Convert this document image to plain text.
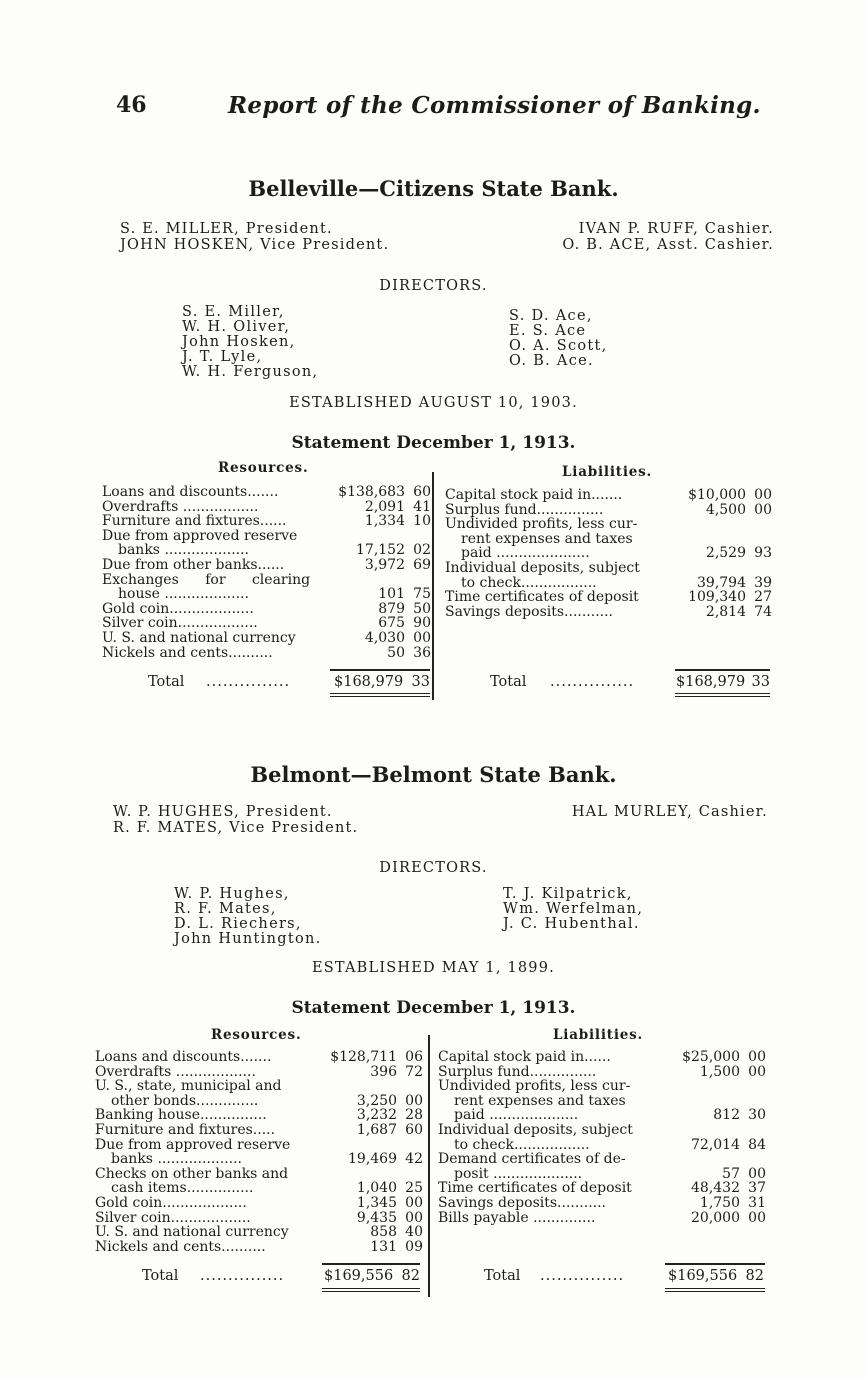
46	Report of the Commissioner of Banking.
Belleville—Citizens State Bank.
S. E. MILLER, President.
JOHN HOSKEN, Vice President.
IVAN P. RUFF, Cashier.
O. B. ACE, Asst. Cashier.
DIRECTORS.
S. E. Miller,
W. H. Oliver,
John Hosken,
J. T. Lyle,
W. H. Ferguson,
S. D. Ace,
E. S. Ace
O. A. Scott,
O. B. Ace.
ESTABLISHED AUGUST 10, 1903.
Statement December 1, 1913.
Resources.	Liabilities.
Loans and discounts.......	$138,683 60
Overdrafts .................	2,091 41
Furniture and fixtures......	1,334 10
Due from approved reserve
banks ...................	17,152 02
Due from other banks......	3,972 69
Exchanges for clearing
house ...................	101 75
Gold coin...................	879 50
Silver coin..................	675 90
U. S. and national currency	4,030 00
Nickels and cents..........	50 36
Capital stock paid in.......	$10,000 00
Surplus fund...............	4,500 00
Undivided profits, less cur-
rent expenses and taxes
paid .....................	2,529 93
Individual deposits, subject
to check.................	39,794 39
Time certificates of deposit	109,340 27
Savings deposits...........	2,814 74
Total ...............	$168,979 33	Total ...............	$168,979 33
Belmont—Belmont State Bank.
W. P. HUGHES, President.
R. F. MATES, Vice President.
HAL MURLEY, Cashier.
DIRECTORS.
W. P. Hughes,
R. F. Mates,
D. L. Riechers,
John Huntington.
T. J. Kilpatrick,
Wm. Werfelman,
J. C. Hubenthal.
ESTABLISHED MAY 1, 1899.
Statement December 1, 1913.
Resources.	Liabilities.
Loans and discounts.......	$128,711 06
Overdrafts ..................	396 72
U. S., state, municipal and
other bonds..............	3,250 00
Banking house...............	3,232 28
Furniture and fixtures.....	1,687 60
Due from approved reserve
banks ...................	19,469 42
Checks on other banks and
cash items...............	1,040 25
Gold coin...................	1,345 00
Silver coin..................	9,435 00
U. S. and national currency	858 40
Nickels and cents..........	131 09
Capital stock paid in......	$25,000 00
Surplus fund...............	1,500 00
Undivided profits, less cur-
rent expenses and taxes
paid ....................	812 30
Individual deposits, subject
to check.................	72,014 84
Demand certificates of de-
posit ....................	57 00
Time certificates of deposit	48,432 37
Savings deposits...........	1,750 31
Bills payable ..............	20,000 00
Total ...............	$169,556 82	Total ...............	$169,556 82
